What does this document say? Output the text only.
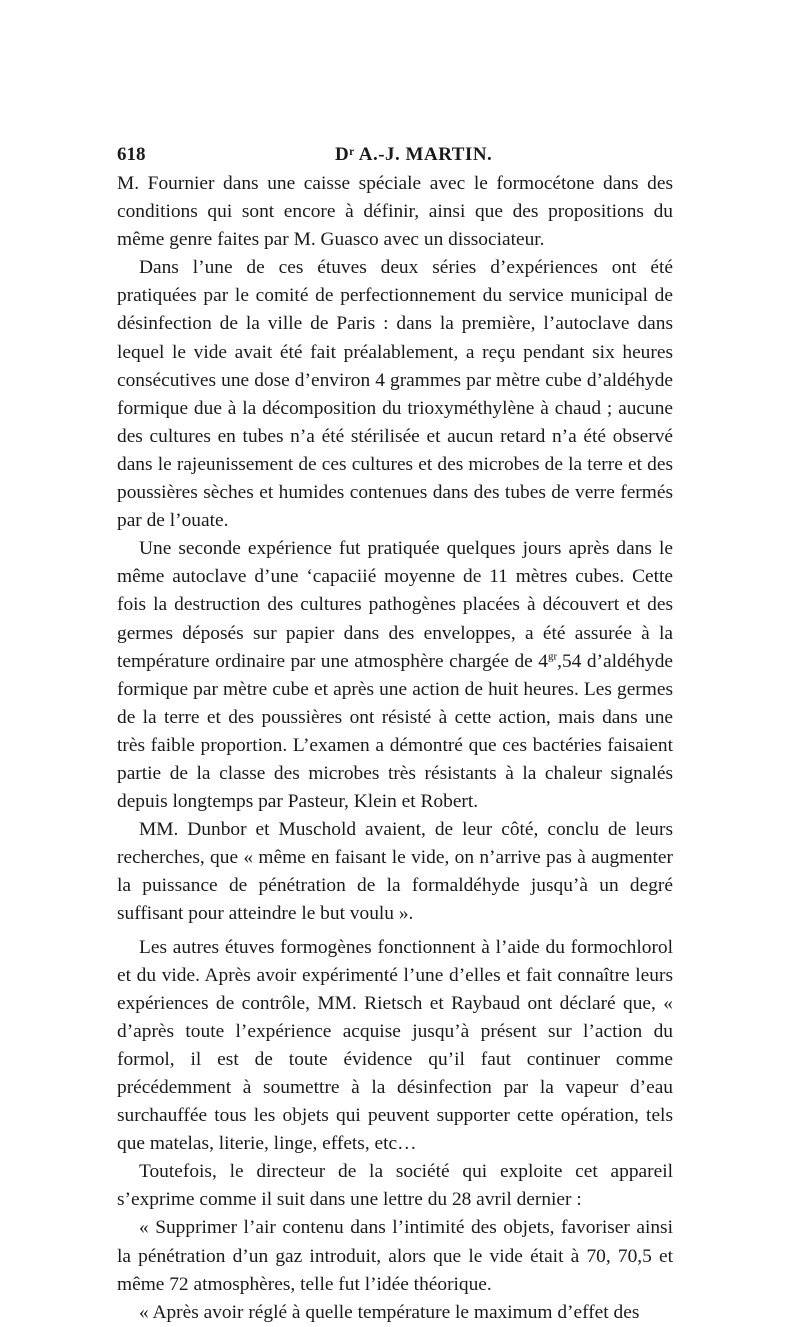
618	Dʳ A.-J. MARTIN.

M. Fournier dans une caisse spéciale avec le formocétone dans des conditions qui sont encore à définir, ainsi que des propositions du même genre faites par M. Guasco avec un dissociateur.

Dans l’une de ces étuves deux séries d’expériences ont été pratiquées par le comité de perfectionnement du service municipal de désinfection de la ville de Paris : dans la première, l’autoclave dans lequel le vide avait été fait préalablement, a reçu pendant six heures consécutives une dose d’environ 4 grammes par mètre cube d’aldéhyde formique due à la décomposition du trioxyméthylène à chaud ; aucune des cultures en tubes n’a été stérilisée et aucun retard n’a été observé dans le rajeunissement de ces cultures et des microbes de la terre et des poussières sèches et humides contenues dans des tubes de verre fermés par de l’ouate.

Une seconde expérience fut pratiquée quelques jours après dans le même autoclave d’une ʻcapaciié moyenne de 11 mètres cubes. Cette fois la destruction des cultures pathogènes placées à découvert et des germes déposés sur papier dans des enveloppes, a été assurée à la température ordinaire par une atmosphère chargée de $4^{gr},54$ d’aldéhyde formique par mètre cube et après une action de huit heures. Les germes de la terre et des poussières ont résisté à cette action, mais dans une très faible proportion. L’examen a démontré que ces bactéries faisaient partie de la classe des microbes très résistants à la chaleur signalés depuis longtemps par Pasteur, Klein et Robert.

MM. Dunbor et Muschold avaient, de leur côté, conclu de leurs recherches, que « même en faisant le vide, on n’arrive pas à augmenter la puissance de pénétration de la formaldéhyde jusqu’à un degré suffisant pour atteindre le but voulu ».

Les autres étuves formogènes fonctionnent à l’aide du formochlorol et du vide. Après avoir expérimenté l’une d’elles et fait connaître leurs expériences de contrôle, MM. Rietsch et Raybaud ont déclaré que, « d’après toute l’expérience acquise jusqu’à présent sur l’action du formol, il est de toute évidence qu’il faut continuer comme précédemment à soumettre à la désinfection par la vapeur d’eau surchauffée tous les objets qui peuvent supporter cette opération, tels que matelas, literie, linge, effets, etc…

Toutefois, le directeur de la société qui exploite cet appareil s’exprime comme il suit dans une lettre du 28 avril dernier :

« Supprimer l’air contenu dans l’intimité des objets, favoriser ainsi la pénétration d’un gaz introduit, alors que le vide était à 70, 70,5 et même 72 atmosphères, telle fut l’idée théorique.

« Après avoir réglé à quelle température le maximum d’effet des
